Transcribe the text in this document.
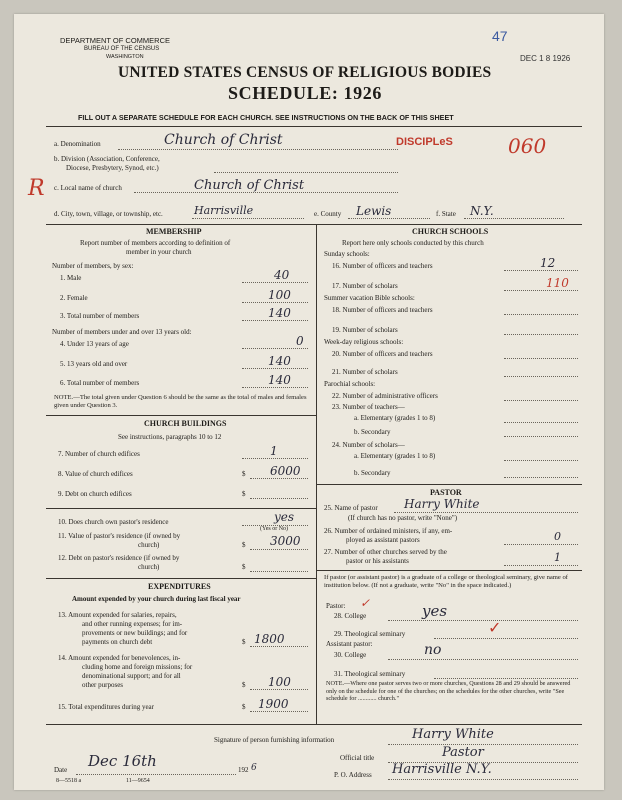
DEPARTMENT OF COMMERCE
BUREAU OF THE CENSUS
WASHINGTON
47
DEC 1 8 1926
UNITED STATES CENSUS OF RELIGIOUS BODIES
SCHEDULE: 1926
FILL OUT A SEPARATE SCHEDULE FOR EACH CHURCH. SEE INSTRUCTIONS ON THE BACK OF THIS SHEET
a. Denomination	Church of Christ	DISCIPLeS	060
b. Division (Association, Conference,
Diocese, Presbytery, Synod, etc.)
R c. Local name of church	Church of Christ
d. City, town, village, or township, etc.	Harrisville	e. County Lewis	f. State N.Y.
MEMBERSHIP
Report number of members according to definition of
member in your church
Number of members, by sex:
1. Male	40
2. Female	100
3. Total number of members	140
Number of members under and over 13 years old:
4. Under 13 years of age	0
5. 13 years old and over	140
6. Total number of members	140
NOTE.—The total given under Question 6 should be the same as the total of males and females given under Question 3.
CHURCH BUILDINGS
See instructions, paragraphs 10 to 12
7. Number of church edifices	1
8. Value of church edifices	$ 6000
9. Debt on church edifices	$
10. Does church own pastor's residence	yes
(Yes or No)
11. Value of pastor's residence (if owned by
church)	$ 3000
12. Debt on pastor's residence (if owned by
church)	$
EXPENDITURES
Amount expended by your church during last fiscal year
13. Amount expended for salaries, repairs,
and other running expenses; for im-
provements or new buildings; and for
payments on church debt	$ 1800
14. Amount expended for benevolences, in-
cluding home and foreign missions; for
denominational support; and for all
other purposes	$ 100
15. Total expenditures during year	$ 1900
CHURCH SCHOOLS
Report here only schools conducted by this church
Sunday schools:
16. Number of officers and teachers	12
17. Number of scholars	110
Summer vacation Bible schools:
18. Number of officers and teachers
19. Number of scholars
Week-day religious schools:
20. Number of officers and teachers
21. Number of scholars
Parochial schools:
22. Number of administrative officers
23. Number of teachers—
a. Elementary (grades 1 to 8)
b. Secondary
24. Number of scholars—
a. Elementary (grades 1 to 8)
b. Secondary
PASTOR
25. Name of pastor Harry White
(If church has no pastor, write "None")
26. Number of ordained ministers, if any, em-
ployed as assistant pastors	0
27. Number of other churches served by the
pastor or his assistants	1
If pastor (or assistant pastor) is a graduate of a college or theological seminary, give name of institution below. (If not a graduate, write "No" in the space indicated.)
Pastor: ✓
28. College	yes
29. Theological seminary	✓
Assistant pastor:
30. College	no
31. Theological seminary
NOTE.—Where one pastor serves two or more churches, Questions 28 and 29 should be answered only on the schedule for one of the churches; on the schedules for the other churches, write "See schedule for ............ church."
Signature of person furnishing information	Harry White
Official title	Pastor
Date Dec 16th	192 6
P. O. Address Harrisville N.Y.
8—5518 a	11—9654
